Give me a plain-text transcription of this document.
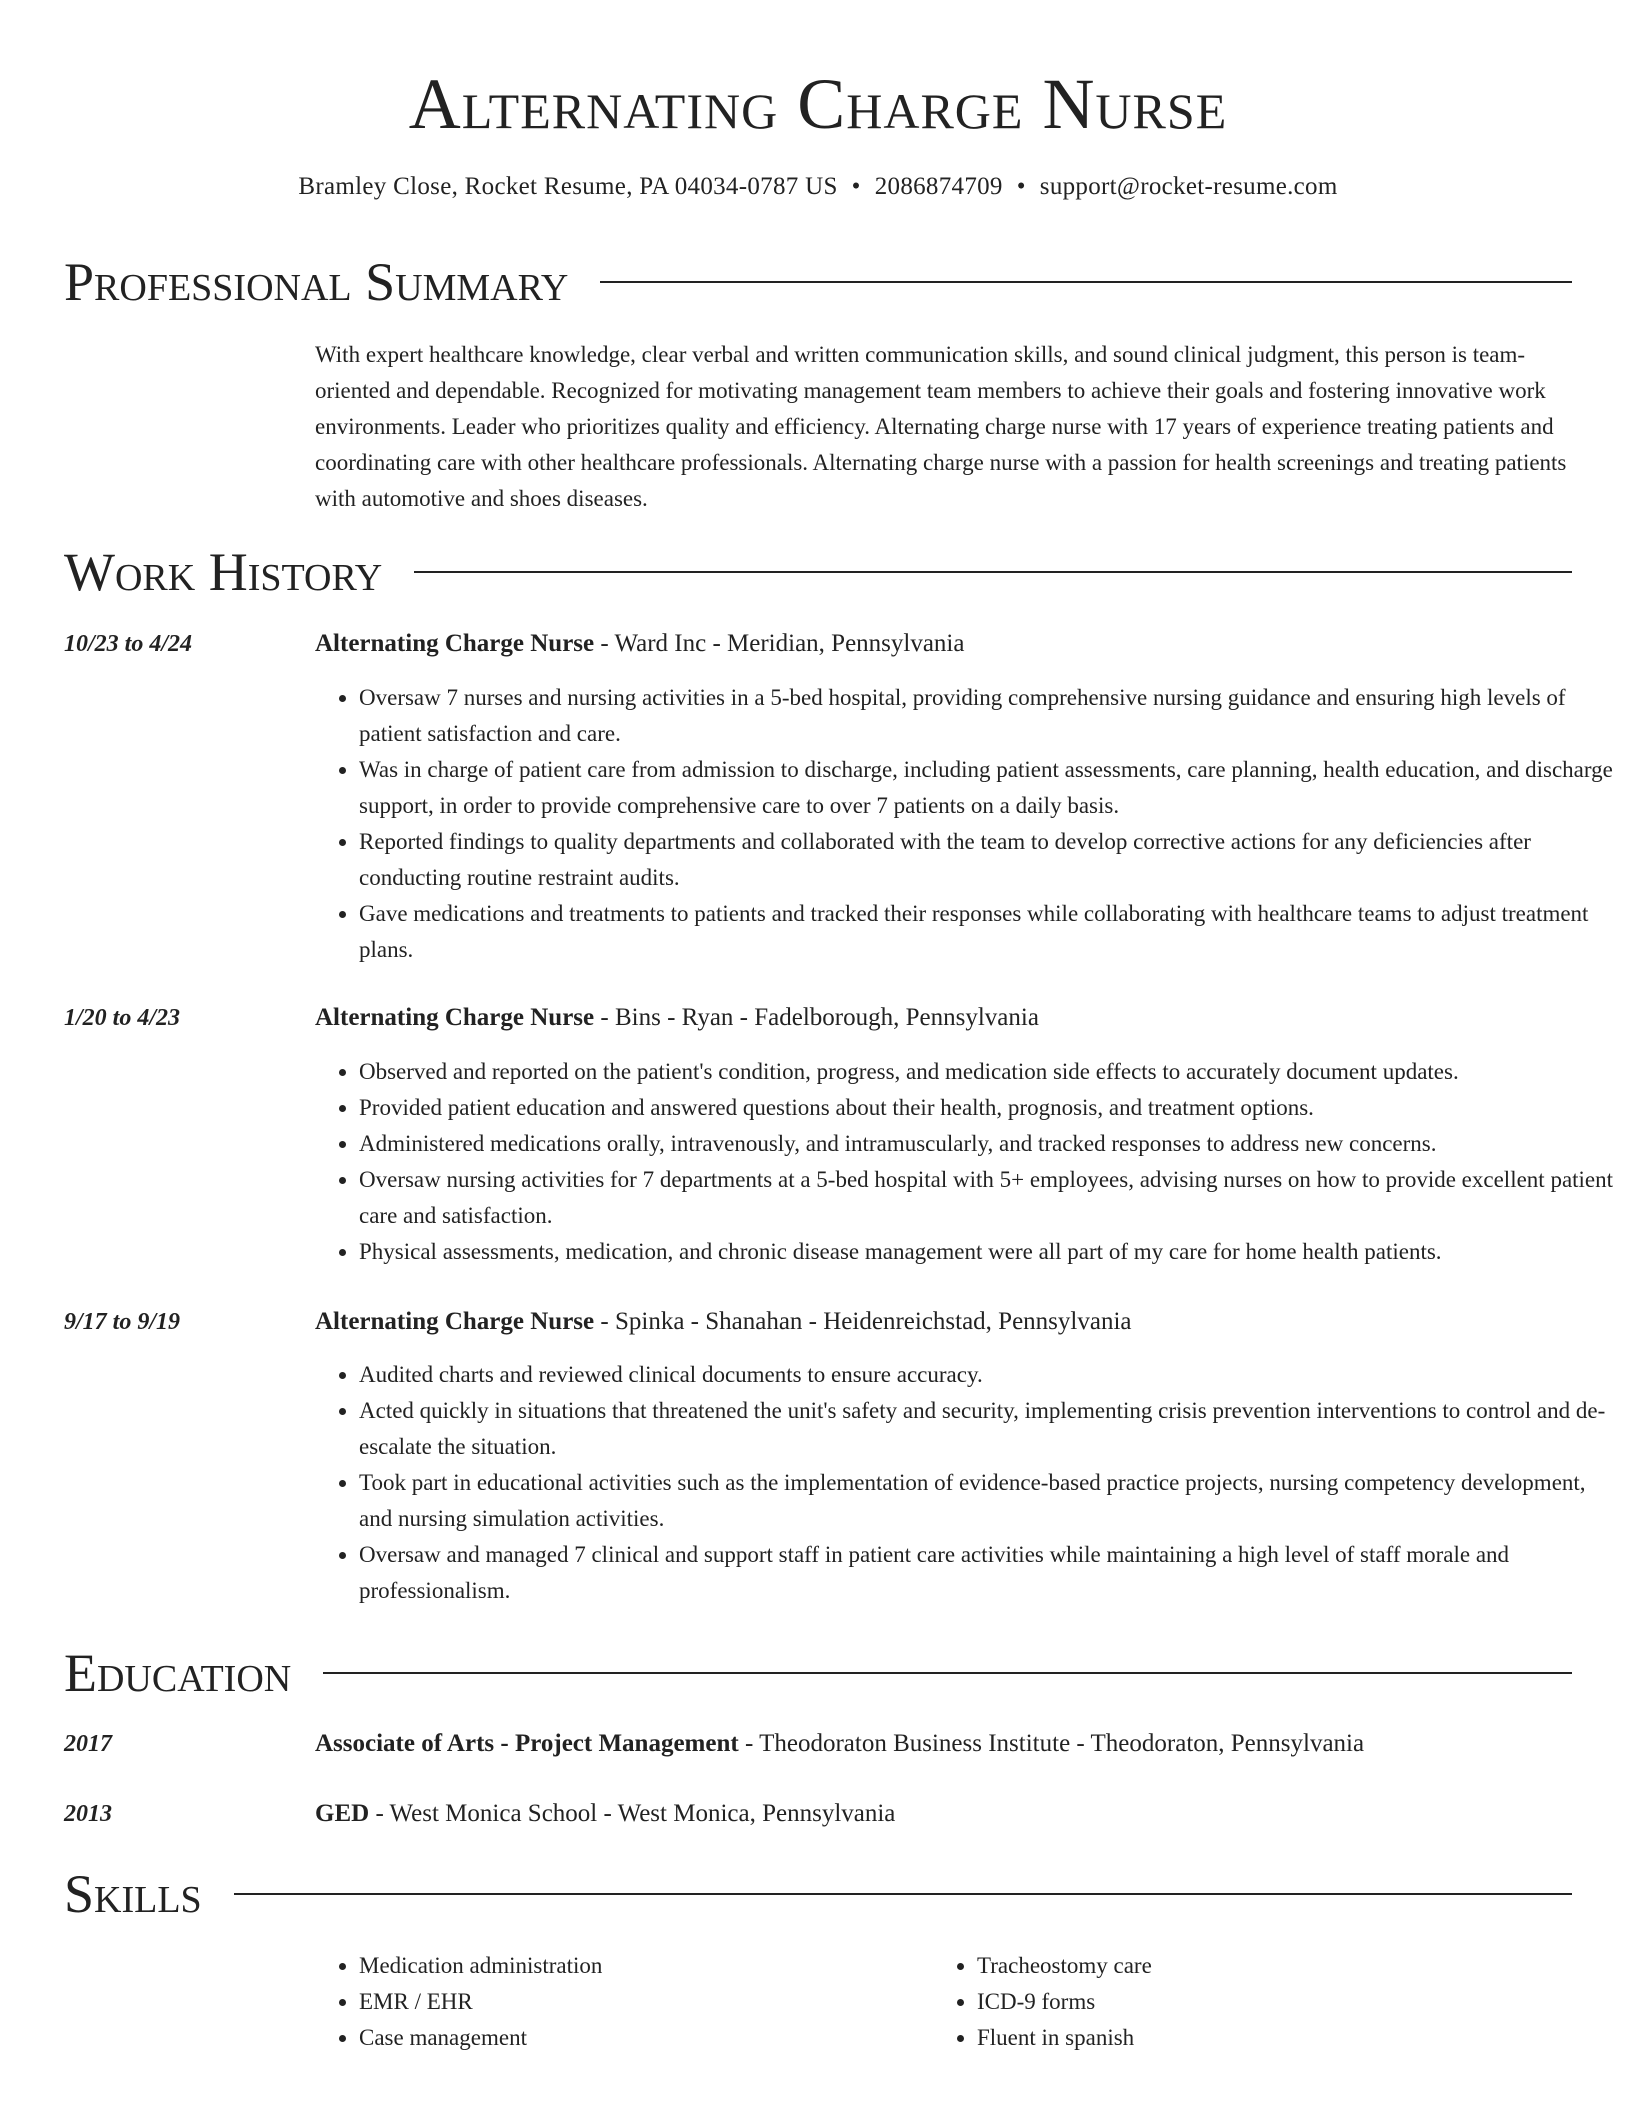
Alternating Charge Nurse
Bramley Close, Rocket Resume, PA 04034-0787 US • 2086874709 • support@rocket-resume.com
Professional Summary
With expert healthcare knowledge, clear verbal and written communication skills, and sound clinical judgment, this person is team-oriented and dependable. Recognized for motivating management team members to achieve their goals and fostering innovative work environments. Leader who prioritizes quality and efficiency. Alternating charge nurse with 17 years of experience treating patients and coordinating care with other healthcare professionals. Alternating charge nurse with a passion for health screenings and treating patients with automotive and shoes diseases.
Work History
10/23 to 4/24	Alternating Charge Nurse - Ward Inc - Meridian, Pennsylvania
• Oversaw 7 nurses and nursing activities in a 5-bed hospital, providing comprehensive nursing guidance and ensuring high levels of patient satisfaction and care.
• Was in charge of patient care from admission to discharge, including patient assessments, care planning, health education, and discharge support, in order to provide comprehensive care to over 7 patients on a daily basis.
• Reported findings to quality departments and collaborated with the team to develop corrective actions for any deficiencies after conducting routine restraint audits.
• Gave medications and treatments to patients and tracked their responses while collaborating with healthcare teams to adjust treatment plans.
1/20 to 4/23	Alternating Charge Nurse - Bins - Ryan - Fadelborough, Pennsylvania
• Observed and reported on the patient's condition, progress, and medication side effects to accurately document updates.
• Provided patient education and answered questions about their health, prognosis, and treatment options.
• Administered medications orally, intravenously, and intramuscularly, and tracked responses to address new concerns.
• Oversaw nursing activities for 7 departments at a 5-bed hospital with 5+ employees, advising nurses on how to provide excellent patient care and satisfaction.
• Physical assessments, medication, and chronic disease management were all part of my care for home health patients.
9/17 to 9/19	Alternating Charge Nurse - Spinka - Shanahan - Heidenreichstad, Pennsylvania
• Audited charts and reviewed clinical documents to ensure accuracy.
• Acted quickly in situations that threatened the unit's safety and security, implementing crisis prevention interventions to control and de-escalate the situation.
• Took part in educational activities such as the implementation of evidence-based practice projects, nursing competency development, and nursing simulation activities.
• Oversaw and managed 7 clinical and support staff in patient care activities while maintaining a high level of staff morale and professionalism.
Education
2017	Associate of Arts - Project Management - Theodoraton Business Institute - Theodoraton, Pennsylvania
2013	GED - West Monica School - West Monica, Pennsylvania
Skills
• Medication administration
• EMR / EHR
• Case management
• Tracheostomy care
• ICD-9 forms
• Fluent in spanish
